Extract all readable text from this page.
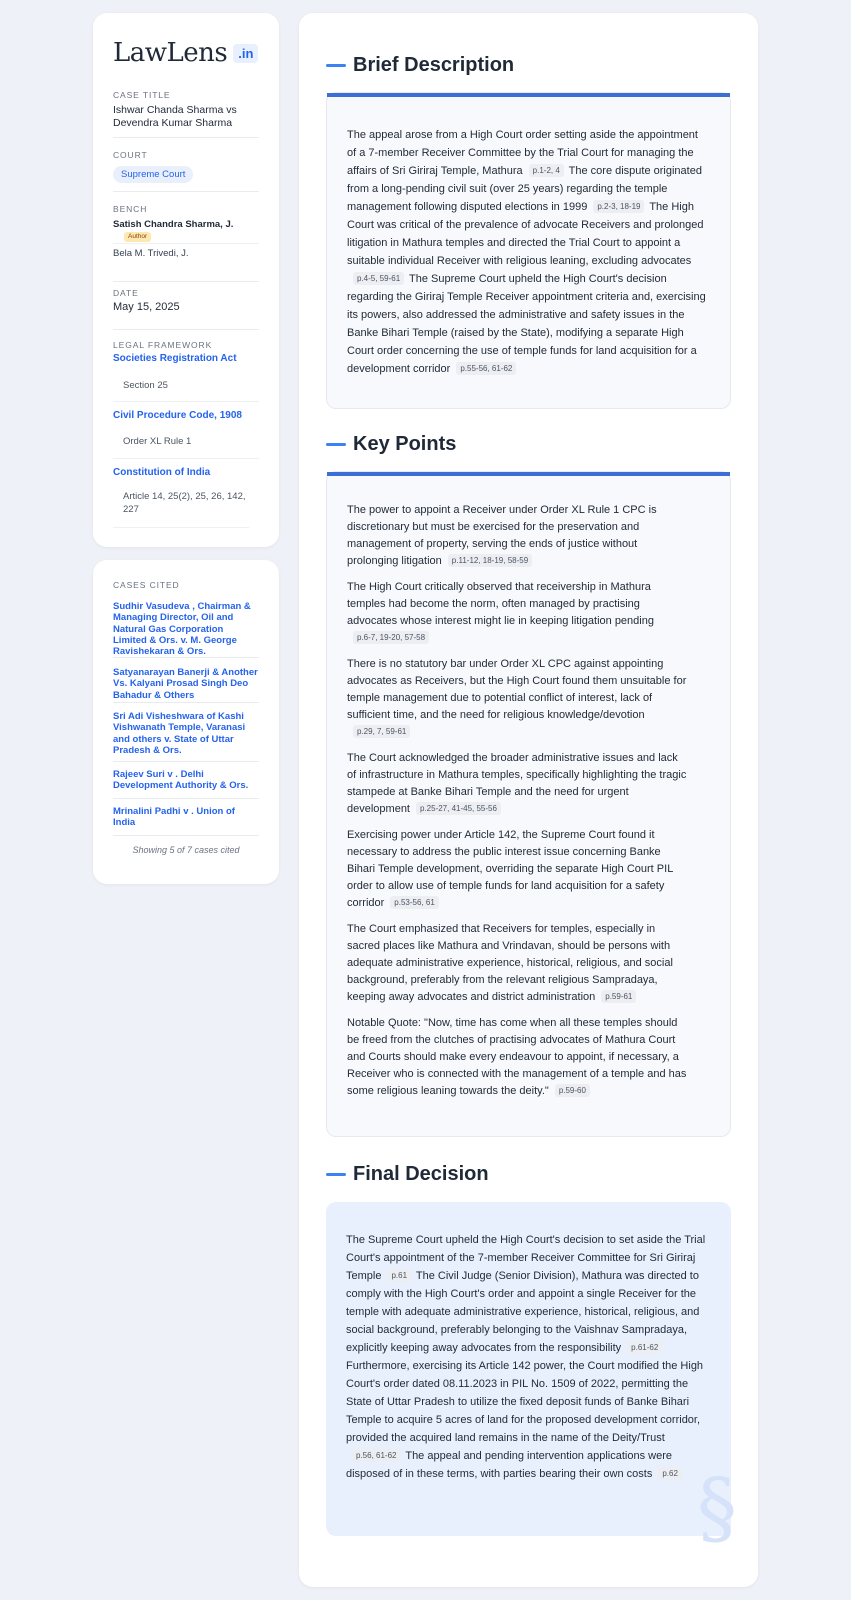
LawLens .in
CASE TITLE
Ishwar Chanda Sharma vs Devendra Kumar Sharma
COURT
Supreme Court
BENCH
Satish Chandra Sharma, J.
Author
Bela M. Trivedi, J.
DATE
May 15, 2025
LEGAL FRAMEWORK
Societies Registration Act
Section 25
Civil Procedure Code, 1908
Order XL Rule 1
Constitution of India
Article 14, 25(2), 25, 26, 142, 227
CASES CITED
Sudhir Vasudeva , Chairman & Managing Director, Oil and Natural Gas Corporation Limited & Ors. v. M. George Ravishekaran & Ors.
Satyanarayan Banerji & Another Vs. Kalyani Prosad Singh Deo Bahadur & Others
Sri Adi Visheshwara of Kashi Vishwanath Temple, Varanasi and others v. State of Uttar Pradesh & Ors.
Rajeev Suri v . Delhi Development Authority & Ors.
Mrinalini Padhi v . Union of India
Showing 5 of 7 cases cited
Brief Description

The appeal arose from a High Court order setting aside the appointment of a 7-member Receiver Committee by the Trial Court for managing the affairs of Sri Giriraj Temple, Mathura p.1-2, 4 The core dispute originated from a long-pending civil suit (over 25 years) regarding the temple management following disputed elections in 1999 p.2-3, 18-19 The High Court was critical of the prevalence of advocate Receivers and prolonged litigation in Mathura temples and directed the Trial Court to appoint a suitable individual Receiver with religious leaning, excluding advocatesp.4-5, 59-61 The Supreme Court upheld the High Court's decision regarding the Giriraj Temple Receiver appointment criteria and, exercising its powers, also addressed the administrative and safety issues in the Banke Bihari Temple (raised by the State), modifying a separate High Court order concerning the use of temple funds for land acquisition for a development corridor p.55-56, 61-62

Key Points
The power to appoint a Receiver under Order XL Rule 1 CPC is discretionary but must be exercised for the preservation and management of property, serving the ends of justice without prolonging litigation p.11-12, 18-19, 58-59
The High Court critically observed that receivership in Mathura temples had become the norm, often managed by practising advocates whose interest might lie in keeping litigation pendingp.6-7, 19-20, 57-58
There is no statutory bar under Order XL CPC against appointing advocates as Receivers, but the High Court found them unsuitable for temple management due to potential conflict of interest, lack of sufficient time, and the need for religious knowledge/devotionp.29, 7, 59-61
The Court acknowledged the broader administrative issues and lack of infrastructure in Mathura temples, specifically highlighting the tragic stampede at Banke Bihari Temple and the need for urgent development p.25-27, 41-45, 55-56
Exercising power under Article 142, the Supreme Court found it necessary to address the public interest issue concerning Banke Bihari Temple development, overriding the separate High Court PIL order to allow use of temple funds for land acquisition for a safety corridor p.53-56, 61
The Court emphasized that Receivers for temples, especially in sacred places like Mathura and Vrindavan, should be persons with adequate administrative experience, historical, religious, and social background, preferably from the relevant religious Sampradaya, keeping away advocates and district administration p.59-61
Notable Quote: "Now, time has come when all these temples should be freed from the clutches of practising advocates of Mathura Court and Courts should make every endeavour to appoint, if necessary, a Receiver who is connected with the management of a temple and has some religious leaning towards the deity." p.59-60
Final Decision
§

The Supreme Court upheld the High Court's decision to set aside the Trial Court's appointment of the 7-member Receiver Committee for Sri Giriraj Temple p.61 The Civil Judge (Senior Division), Mathura was directed to comply with the High Court's order and appoint a single Receiver for the temple with adequate administrative experience, historical, religious, and social background, preferably belonging to the Vaishnav Sampradaya, explicitly keeping away advocates from the responsibility p.61-62 Furthermore, exercising its Article 142 power, the Court modified the High Court's order dated 08.11.2023 in PIL No. 1509 of 2022, permitting the State of Uttar Pradesh to utilize the fixed deposit funds of Banke Bihari Temple to acquire 5 acres of land for the proposed development corridor, provided the acquired land remains in the name of the Deity/Trustp.56, 61-62 The appeal and pending intervention applications were disposed of in these terms, with parties bearing their own costs p.62
